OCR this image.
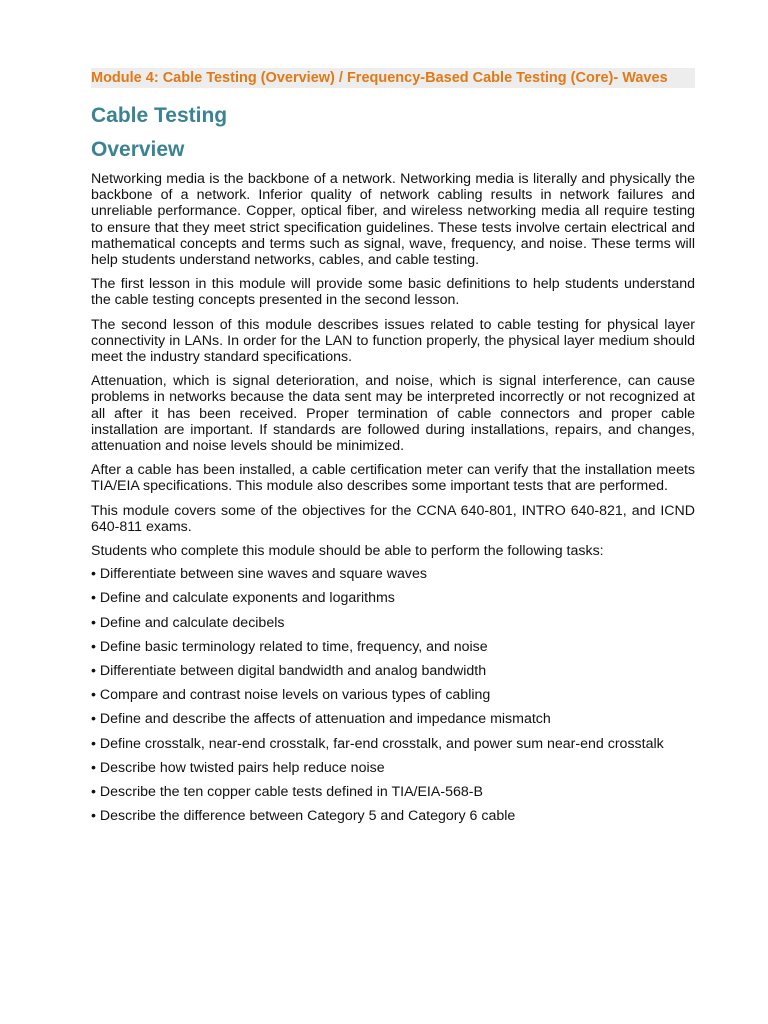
Module 4: Cable Testing (Overview) / Frequency-Based Cable Testing (Core)- Waves
Cable Testing
Overview

Networking media is the backbone of a network. Networking media is literally and physically the backbone of a network. Inferior quality of network cabling results in network failures and unreliable performance. Copper, optical fiber, and wireless networking media all require testing to ensure that they meet strict specification guidelines. These tests involve certain electrical and mathematical concepts and terms such as signal, wave, frequency, and noise. These terms will help students understand networks, cables, and cable testing.

The first lesson in this module will provide some basic definitions to help students understand the cable testing concepts presented in the second lesson.

The second lesson of this module describes issues related to cable testing for physical layer connectivity in LANs. In order for the LAN to function properly, the physical layer medium should meet the industry standard specifications.

Attenuation, which is signal deterioration, and noise, which is signal interference, can cause problems in networks because the data sent may be interpreted incorrectly or not recognized at all after it has been received. Proper termination of cable connectors and proper cable installation are important. If standards are followed during installations, repairs, and changes, attenuation and noise levels should be minimized.

After a cable has been installed, a cable certification meter can verify that the installation meets TIA/EIA specifications. This module also describes some important tests that are performed.

This module covers some of the objectives for the CCNA 640-801, INTRO 640-821, and ICND 640-811 exams.

Students who complete this module should be able to perform the following tasks:

• Differentiate between sine waves and square waves
• Define and calculate exponents and logarithms
• Define and calculate decibels
• Define basic terminology related to time, frequency, and noise
• Differentiate between digital bandwidth and analog bandwidth
• Compare and contrast noise levels on various types of cabling
• Define and describe the affects of attenuation and impedance mismatch
• Define crosstalk, near-end crosstalk, far-end crosstalk, and power sum near-end crosstalk
• Describe how twisted pairs help reduce noise
• Describe the ten copper cable tests defined in TIA/EIA-568-B
• Describe the difference between Category 5 and Category 6 cable
